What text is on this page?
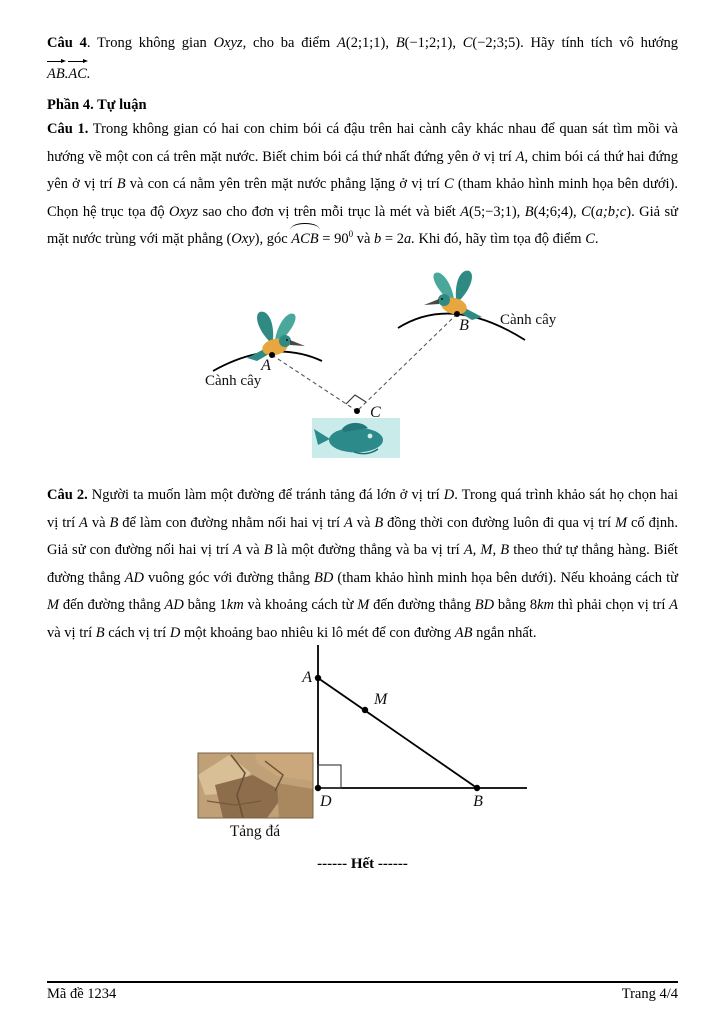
Câu 4. Trong không gian Oxyz, cho ba điểm A(2;1;1), B(−1;2;1), C(−2;3;5). Hãy tính tích vô hướng
AB.AC.
Phần 4. Tự luận
Câu 1. Trong không gian có hai con chim bói cá đậu trên hai cành cây khác nhau để quan sát tìm mồi và hướng về một con cá trên mặt nước. Biết chim bói cá thứ nhất đứng yên ở vị trí A, chim bói cá thứ hai đứng yên ở vị trí B và con cá nằm yên trên mặt nước phẳng lặng ở vị trí C (tham khảo hình minh họa bên dưới). Chọn hệ trục tọa độ Oxyz sao cho đơn vị trên mỗi trục là mét và biết A(5;−3;1), B(4;6;4), C(a;b;c). Giả sử mặt nước trùng với mặt phẳng (Oxy), góc ACB = $90^0$ và b = 2a. Khi đó, hãy tìm tọa độ điểm C.
A
B
C
Cành cây
Cành cây
Câu 2. Người ta muốn làm một đường để tránh tảng đá lớn ở vị trí D. Trong quá trình khảo sát họ chọn hai vị trí A và B để làm con đường nhằm nối hai vị trí A và B đồng thời con đường luôn đi qua vị trí M cố định. Giả sử con đường nối hai vị trí A và B là một đường thẳng và ba vị trí A, M, B theo thứ tự thẳng hàng. Biết đường thẳng AD vuông góc với đường thẳng BD (tham khảo hình minh họa bên dưới). Nếu khoảng cách từ M đến đường thẳng AD bằng 1km và khoảng cách từ M đến đường thẳng BD bằng 8km thì phải chọn vị trí A và vị trí B cách vị trí D một khoảng bao nhiêu ki lô mét để con đường AB ngắn nhất.
A
M
D	B
Tảng đá
------ Hết ------
Mã đề 1234	Trang 4/4
